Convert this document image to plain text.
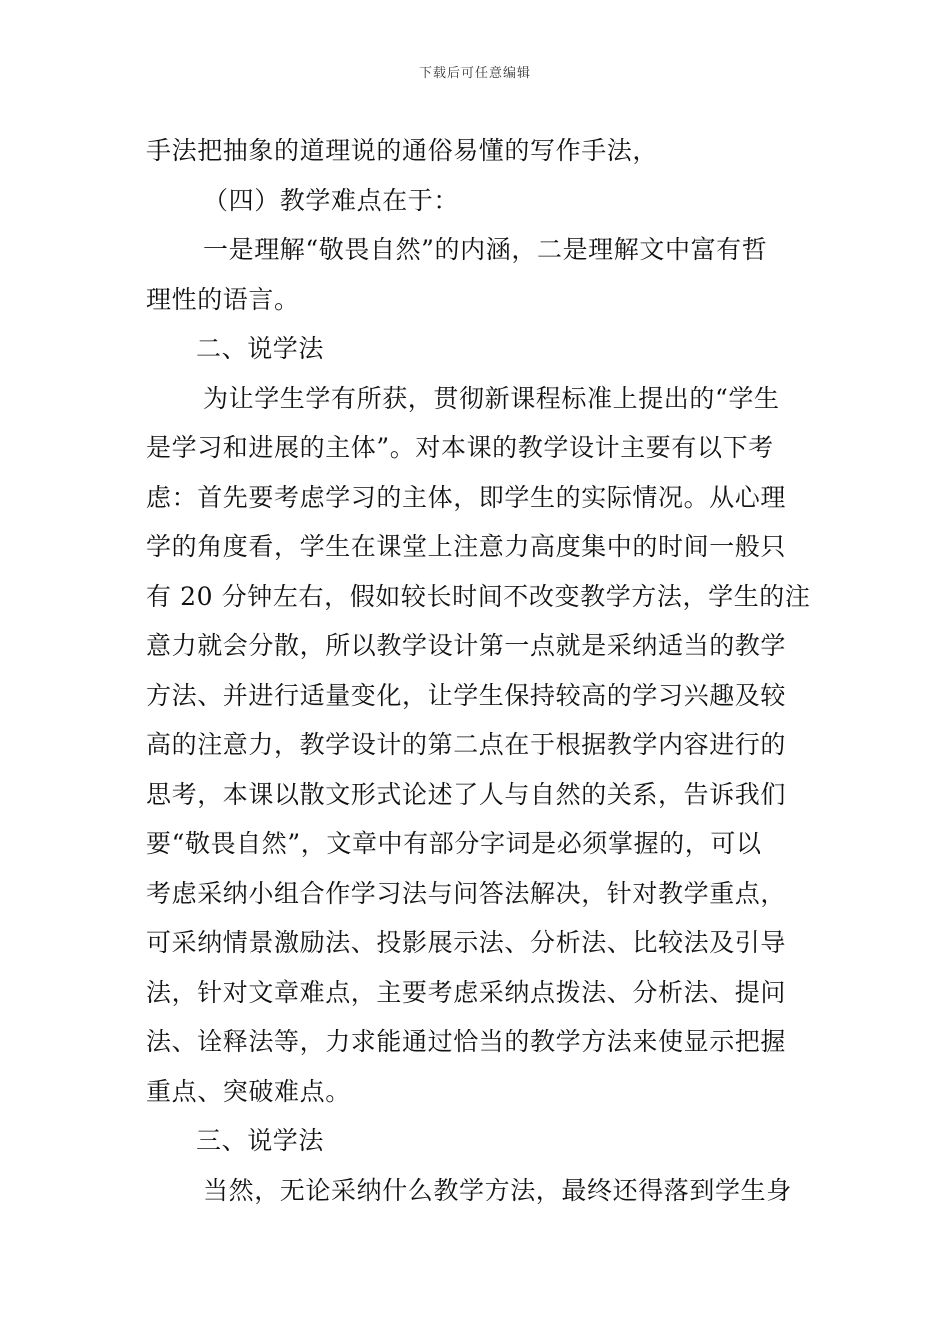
下载后可任意编辑
手法把抽象的道理说的通俗易懂的写作手法，
（四）教学难点在于：
一是理解“敬畏自然”的内涵，二是理解文中富有哲
理性的语言。
二、说学法
为让学生学有所获，贯彻新课程标准上提出的“学生
是学习和进展的主体”。对本课的教学设计主要有以下考
虑：首先要考虑学习的主体，即学生的实际情况。从心理
学的角度看，学生在课堂上注意力高度集中的时间一般只
有 20 分钟左右，假如较长时间不改变教学方法，学生的注
意力就会分散，所以教学设计第一点就是采纳适当的教学
方法、并进行适量变化，让学生保持较高的学习兴趣及较
高的注意力，教学设计的第二点在于根据教学内容进行的
思考，本课以散文形式论述了人与自然的关系，告诉我们
要“敬畏自然”，文章中有部分字词是必须掌握的，可以
考虑采纳小组合作学习法与问答法解决，针对教学重点，
可采纳情景激励法、投影展示法、分析法、比较法及引导
法，针对文章难点，主要考虑采纳点拨法、分析法、提问
法、诠释法等，力求能通过恰当的教学方法来使显示把握
重点、突破难点。
三、说学法
当然，无论采纳什么教学方法，最终还得落到学生身
